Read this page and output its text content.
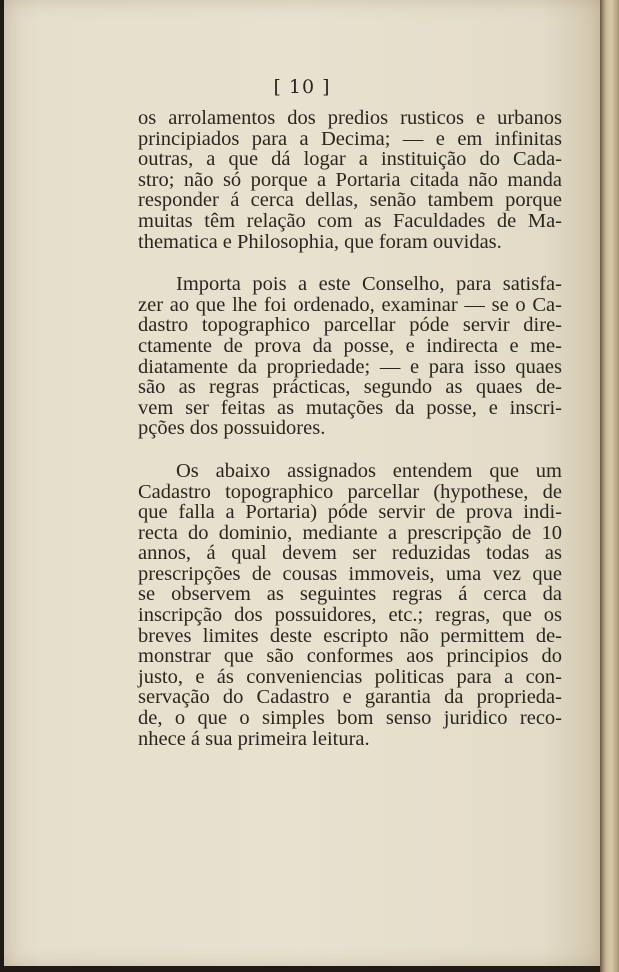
[ 10 ]

os arrolamentos dos predios rusticos e urbanos
principiados para a Decima; — e em infinitas
outras, a que dá logar a instituição do Cada-
stro; não só porque a Portaria citada não manda
responder á cerca dellas, senão tambem porque
muitas têm relação com as Faculdades de Ma-
thematica e Philosophia, que foram ouvidas.

Importa pois a este Conselho, para satisfa-
zer ao que lhe foi ordenado, examinar — se o Ca-
dastro topographico parcellar póde servir dire-
ctamente de prova da posse, e indirecta e me-
diatamente da propriedade; — e para isso quaes
são as regras prácticas, segundo as quaes de-
vem ser feitas as mutações da posse, e inscri-
pções dos possuidores.

Os abaixo assignados entendem que um
Cadastro topographico parcellar (hypothese, de
que falla a Portaria) póde servir de prova indi-
recta do dominio, mediante a prescripção de 10
annos, á qual devem ser reduzidas todas as
prescripções de cousas immoveis, uma vez que
se observem as seguintes regras á cerca da
inscripção dos possuidores, etc.; regras, que os
breves limites deste escripto não permittem de-
monstrar que são conformes aos principios do
justo, e ás conveniencias politicas para a con-
servação do Cadastro e garantia da proprieda-
de, o que o simples bom senso juridico reco-
nhece á sua primeira leitura.
